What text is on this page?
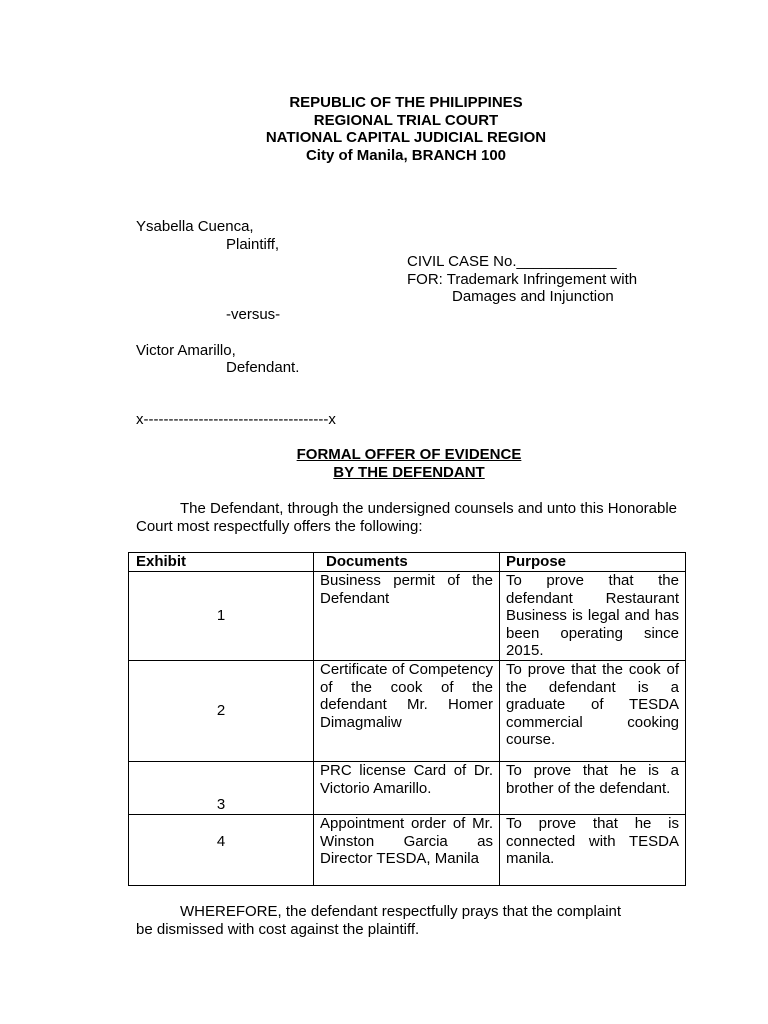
REPUBLIC OF THE PHILIPPINES
REGIONAL TRIAL COURT
NATIONAL CAPITAL JUDICIAL REGION
City of Manila, BRANCH 100
Ysabella Cuenca,
Plaintiff,
CIVIL CASE No.____________
FOR: Trademark Infringement with
Damages and Injunction
-versus-
Victor Amarillo,
Defendant.
x-------------------------------------x
FORMAL OFFER OF EVIDENCE
BY THE DEFENDANT
The Defendant, through the undersigned counsels and unto this Honorable Court most respectfully offers the following:
Exhibit	Documents	Purpose
1	Business permit of the Defendant	To prove that the defendant Restaurant Business is legal and has been operating since 2015.
2	Certificate of Competency of the cook of the defendant Mr. Homer Dimagmaliw	To prove that the cook of the defendant is a graduate of TESDA commercial cooking course.
3	PRC license Card of Dr. Victorio Amarillo.	To prove that he is a brother of the defendant.
4	Appointment order of Mr. Winston Garcia as Director TESDA, Manila	To prove that he is connected with TESDA manila.
WHEREFORE, the defendant respectfully prays that the complaint be dismissed with cost against the plaintiff.
